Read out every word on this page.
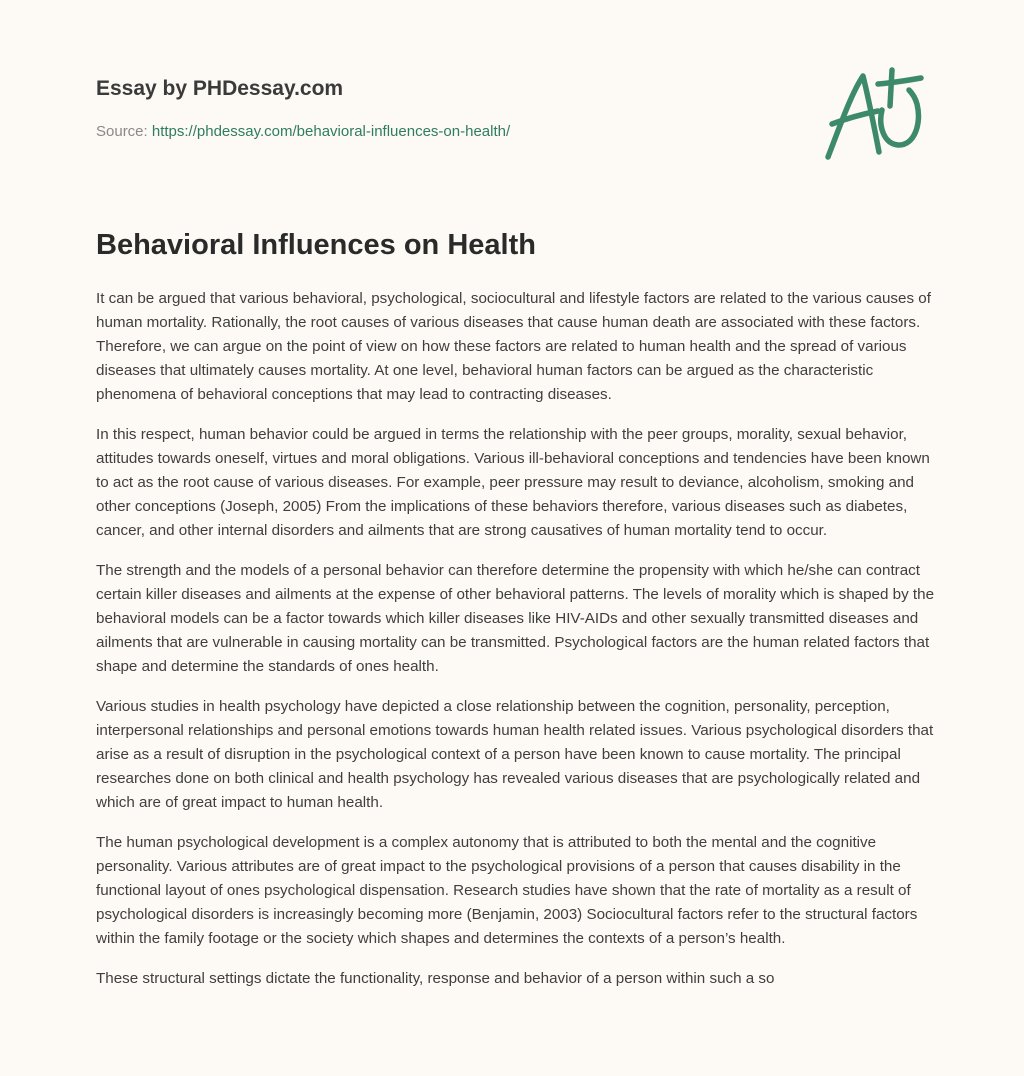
Essay by PHDessay.com
Source: https://phdessay.com/behavioral-influences-on-health/
Behavioral Influences on Health

It can be argued that various behavioral, psychological, sociocultural and lifestyle factors are related to the various causes of human mortality. Rationally, the root causes of various diseases that cause human death are associated with these factors. Therefore, we can argue on the point of view on how these factors are related to human health and the spread of various diseases that ultimately causes mortality. At one level, behavioral human factors can be argued as the characteristic phenomena of behavioral conceptions that may lead to contracting diseases.

In this respect, human behavior could be argued in terms the relationship with the peer groups, morality, sexual behavior, attitudes towards oneself, virtues and moral obligations. Various ill-behavioral conceptions and tendencies have been known to act as the root cause of various diseases. For example, peer pressure may result to deviance, alcoholism, smoking and other conceptions (Joseph, 2005) From the implications of these behaviors therefore, various diseases such as diabetes, cancer, and other internal disorders and ailments that are strong causatives of human mortality tend to occur.

The strength and the models of a personal behavior can therefore determine the propensity with which he/she can contract certain killer diseases and ailments at the expense of other behavioral patterns. The levels of morality which is shaped by the behavioral models can be a factor towards which killer diseases like HIV-AIDs and other sexually transmitted diseases and ailments that are vulnerable in causing mortality can be transmitted. Psychological factors are the human related factors that shape and determine the standards of ones health.

Various studies in health psychology have depicted a close relationship between the cognition, personality, perception, interpersonal relationships and personal emotions towards human health related issues. Various psychological disorders that arise as a result of disruption in the psychological context of a person have been known to cause mortality. The principal researches done on both clinical and health psychology has revealed various diseases that are psychologically related and which are of great impact to human health.

The human psychological development is a complex autonomy that is attributed to both the mental and the cognitive personality. Various attributes are of great impact to the psychological provisions of a person that causes disability in the functional layout of ones psychological dispensation. Research studies have shown that the rate of mortality as a result of psychological disorders is increasingly becoming more (Benjamin, 2003) Sociocultural factors refer to the structural factors within the family footage or the society which shapes and determines the contexts of a person’s health.

These structural settings dictate the functionality, response and behavior of a person within such a so
